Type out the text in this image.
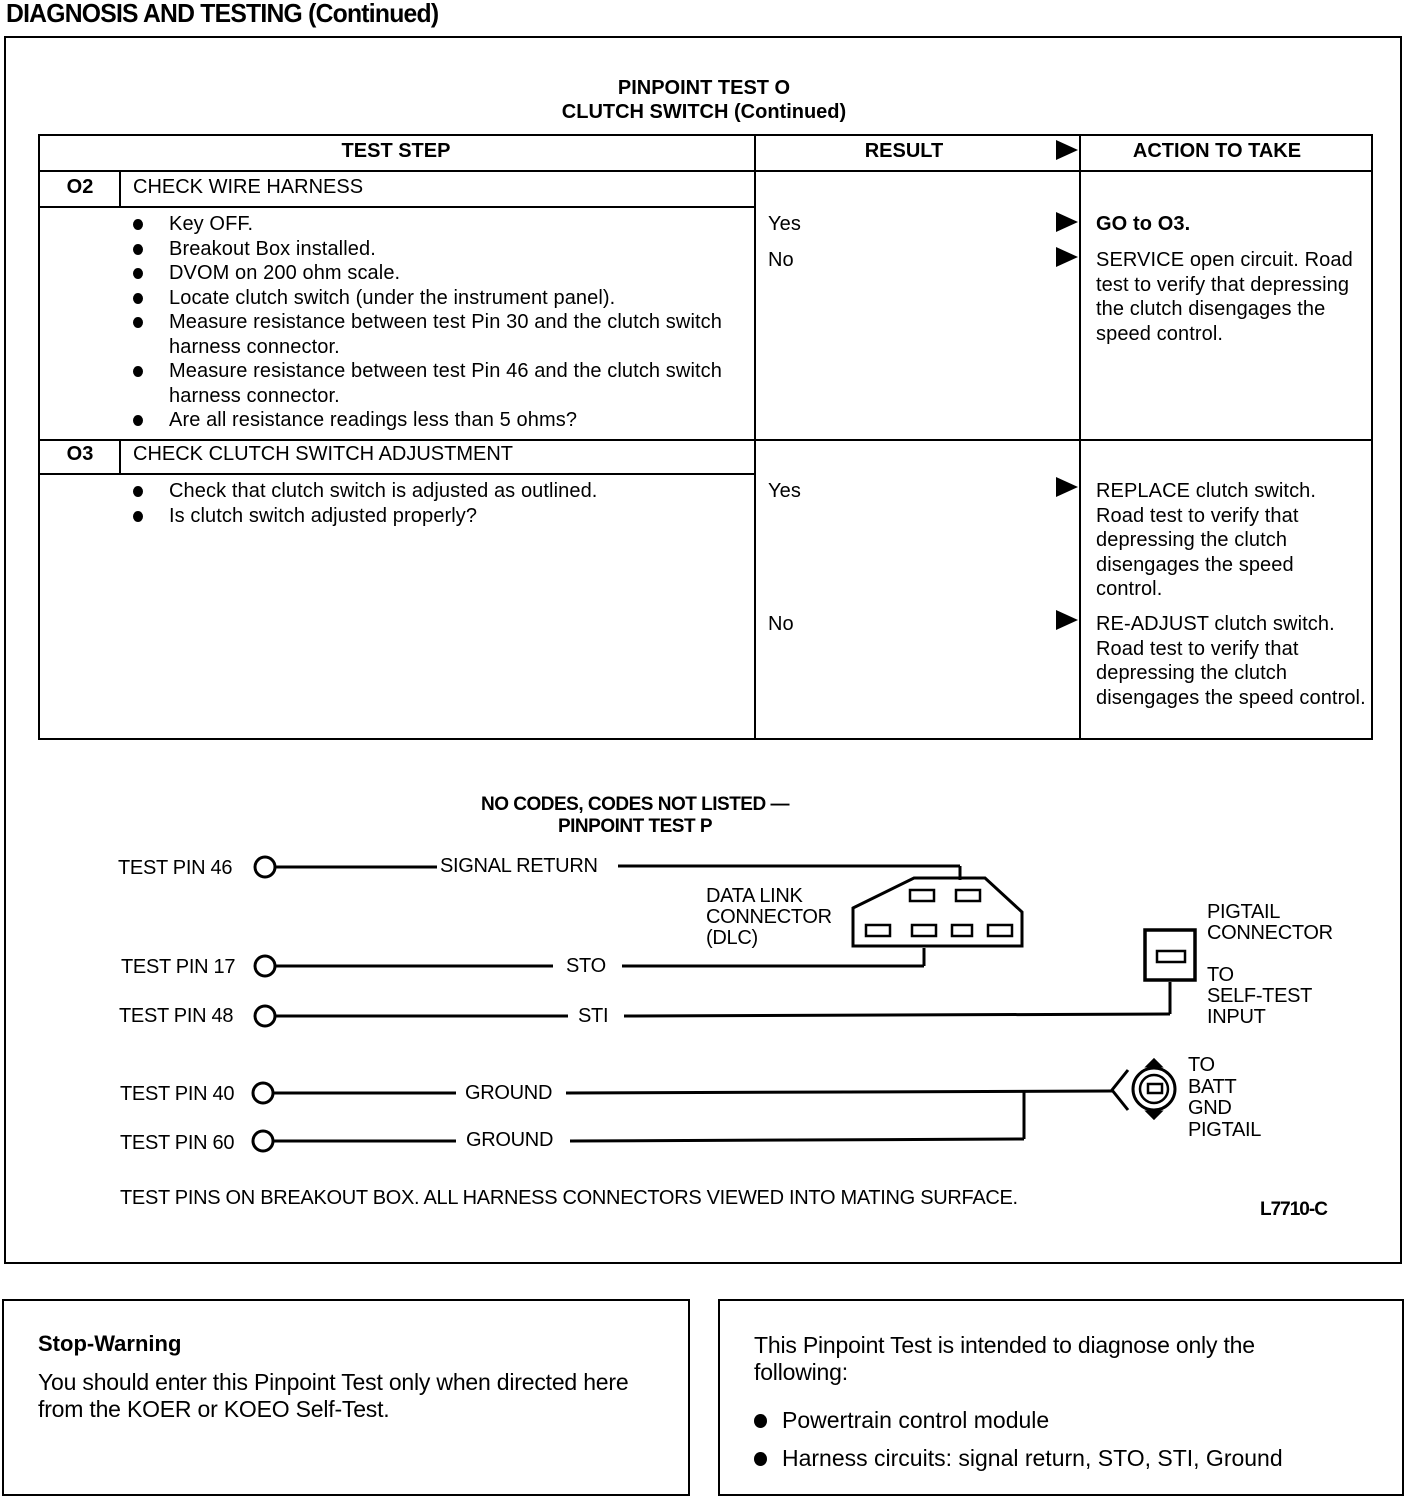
DIAGNOSIS AND TESTING (Continued)
PINPOINT TEST O
CLUTCH SWITCH (Continued)
TEST STEP	RESULT	ACTION TO TAKE
O2	CHECK WIRE HARNESS
Key OFF.
Breakout Box installed.
DVOM on 200 ohm scale.
Locate clutch switch (under the instrument panel).
Measure resistance between test Pin 30 and the clutch switch harness connector.
Measure resistance between test Pin 46 and the clutch switch harness connector.
Are all resistance readings less than 5 ohms?
Yes	GO to O3.
No	SERVICE open circuit. Road test to verify that depressing the clutch disengages the speed control.
O3	CHECK CLUTCH SWITCH ADJUSTMENT
Check that clutch switch is adjusted as outlined.
Is clutch switch adjusted properly?
Yes	REPLACE clutch switch. Road test to verify that depressing the clutch disengages the speed control.
No	RE-ADJUST clutch switch. Road test to verify that depressing the clutch disengages the speed control.
NO CODES, CODES NOT LISTED —
PINPOINT TEST P
TEST PIN 46	SIGNAL RETURN
TEST PIN 17	STO
TEST PIN 48	STI
TEST PIN 40	GROUND
TEST PIN 60	GROUND
DATA LINK
CONNECTOR
(DLC)
PIGTAIL
CONNECTOR
TO
SELF-TEST
INPUT
TO
BATT
GND
PIGTAIL
TEST PINS ON BREAKOUT BOX. ALL HARNESS CONNECTORS VIEWED INTO MATING SURFACE.
L7710-C
Stop-Warning
You should enter this Pinpoint Test only when directed here from the KOER or KOEO Self-Test.
This Pinpoint Test is intended to diagnose only the following:
Powertrain control module
Harness circuits: signal return, STO, STI, Ground
